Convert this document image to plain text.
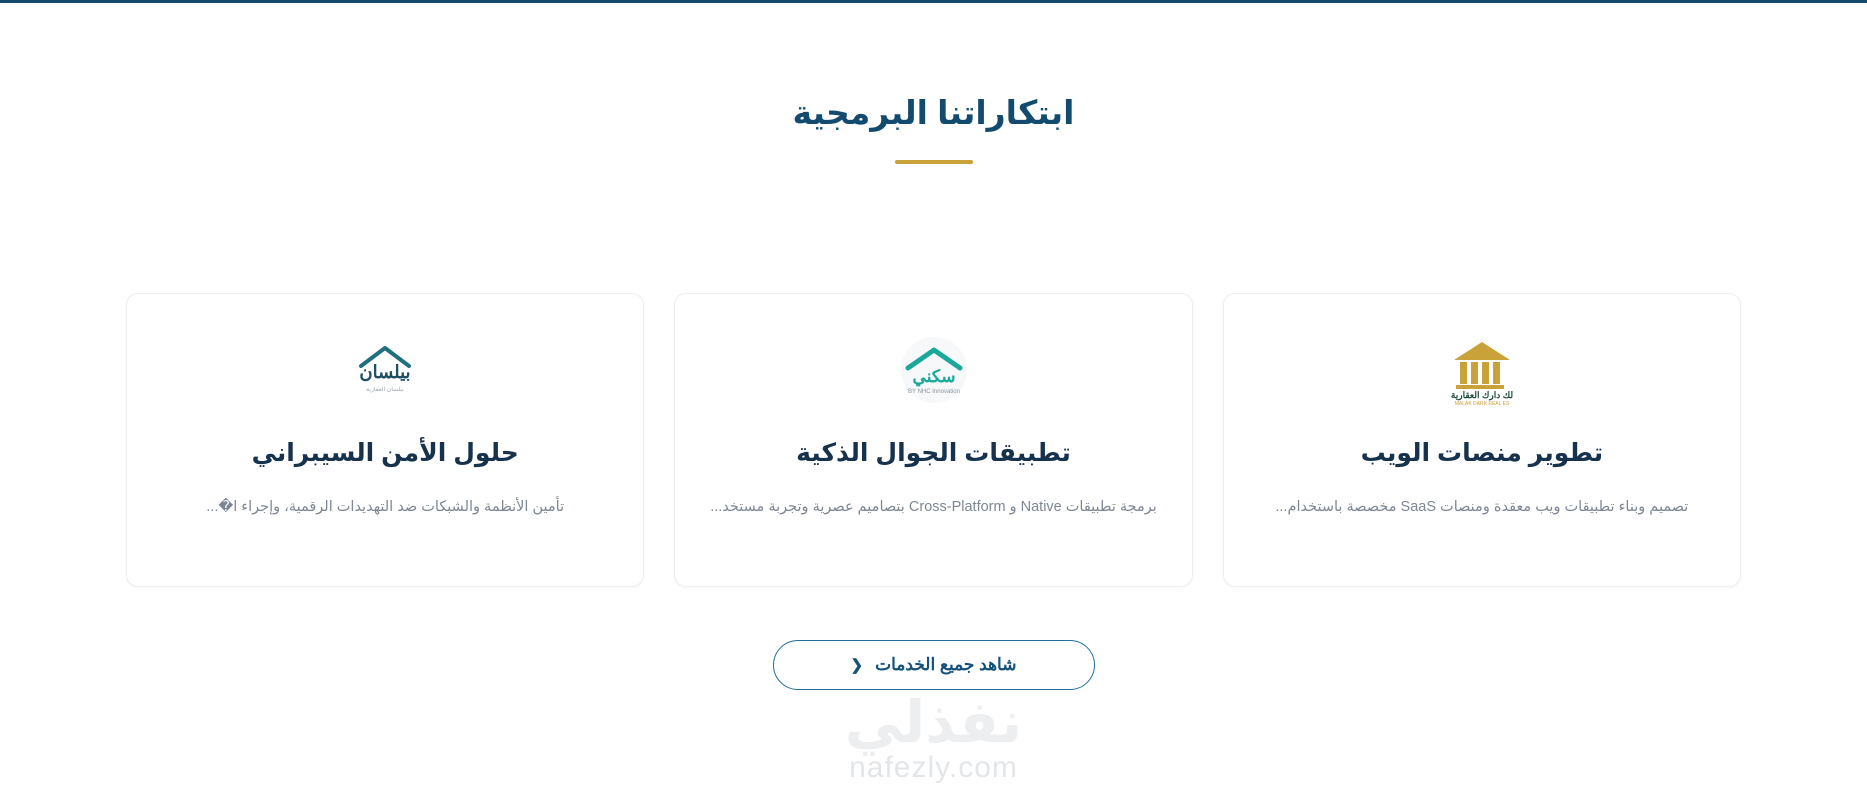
ابتكاراتنا البرمجية
لك دارك العقارية
MALAK DARK REAL ES
تطوير منصات الويب
تصميم وبناء تطبيقات ويب معقدة ومنصات SaaS مخصصة باستخدام...
سكني
BY NHC Innovation
تطبيقات الجوال الذكية
برمجة تطبيقات Native و Cross-Platform بتصاميم عصرية وتجربة مستخد...
بيلسان
بيلسان العقارية
حلول الأمن السيبراني
تأمين الأنظمة والشبكات ضد التهديدات الرقمية، وإجراء ا�...
شاهد جميع الخدمات
❮
نفذلي
nafezly.com
